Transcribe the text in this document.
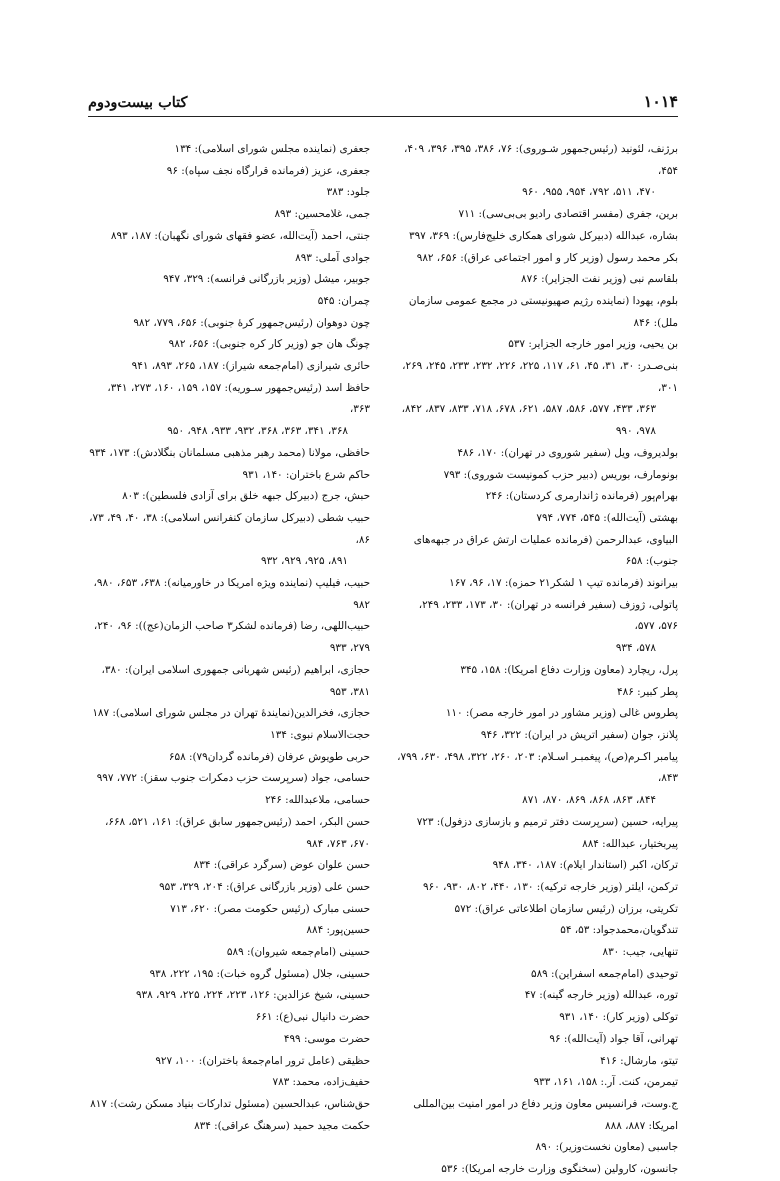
کتاب بیست‌ودوم	۱۰۱۴
برژنف، لئونید (رئیس‌جمهور شـوروی): ۷۶، ۳۸۶، ۳۹۵، ۳۹۶، ۴۰۹، ۴۵۴،
۴۷۰، ۵۱۱، ۷۹۲، ۹۵۴، ۹۵۵، ۹۶۰
برین، جفری (مفسر اقتصادی رادیو بی‌بی‌سی): ۷۱۱
بشاره، عبدالله (دبیرکل شورای همکاری خلیج‌فارس): ۳۶۹، ۳۹۷
بکر محمد رسول (وزیر کار و امور اجتماعی عراق): ۶۵۶، ۹۸۲
بلقاسم نبی (وزیر نفت الجزایر): ۸۷۶
بلوم، یهودا (نماینده رژیم صهیونیستی در مجمع عمومی سازمان ملل): ۸۴۶
بن یحیی، وزیر امور خارجه الجزایر: ۵۳۷
بنی‌صـدر: ۳۰، ۳۱، ۴۵، ۶۱، ۱۱۷، ۲۲۵، ۲۲۶، ۲۳۲، ۲۳۳، ۲۴۵، ۲۶۹، ۳۰۱،
۳۶۳، ۴۳۳، ۵۷۷، ۵۸۶، ۵۸۷، ۶۲۱، ۶۷۸، ۷۱۸، ۸۳۳، ۸۳۷، ۸۴۲، ۹۷۸، ۹۹۰
بولدیروف، ویل (سفیر شوروی در تهران): ۱۷۰، ۴۸۶
بونومارف، بوریس (دبیر حزب کمونیست شوروی): ۷۹۳
بهرام‌پور (فرمانده ژاندارمری کردستان): ۲۴۶
بهشتی (آیت‌الله): ۵۴۵، ۷۷۴، ۷۹۴
البیاوی، عبدالرحمن (فرمانده عملیات ارتش عراق در جبهه‌های جنوب): ۶۵۸
بیرانوند (فرمانده تیپ ۱ لشکر۲۱ حمزه): ۱۷، ۹۶، ۱۶۷
پاتولی، ژوزف (سفیر فرانسه در تهران): ۳۰، ۱۷۳، ۲۳۳، ۲۴۹، ۵۷۶، ۵۷۷،
۵۷۸، ۹۳۴
پرل، ریچارد (معاون وزارت دفاع امریکا): ۱۵۸، ۳۴۵
پطر کبیر: ۴۸۶
پطروس غالی (وزیر مشاور در امور خارجه مصر): ۱۱۰
پلانز، جوان (سفیر اتریش در ایران): ۳۲۲، ۹۴۶
پیامبر اکـرم(ص)، پیغمبـر اسـلام: ۲۰۳، ۲۶۰، ۳۲۲، ۴۹۸، ۶۳۰، ۷۹۹، ۸۴۳،
۸۴۴، ۸۶۳، ۸۶۸، ۸۶۹، ۸۷۰، ۸۷۱
پیرایه، حسین (سرپرست دفتر ترمیم و بازسازی دزفول): ۷۲۳
پیربختیار، عبدالله: ۸۸۴
ترکان، اکبر (استاندار ایلام): ۱۸۷، ۳۴۰، ۹۴۸
ترکمن، ایلتر (وزیر خارجه ترکیه): ۱۳۰، ۴۴۰، ۸۰۲، ۹۳۰، ۹۶۰
تکریتی، برزان (رئیس سازمان اطلاعاتی عراق): ۵۷۲
تندگویان،محمدجواد: ۵۳، ۵۴
تنهایی، جیب: ۸۳۰
توحیدی (امام‌جمعه اسفراین): ۵۸۹
توره، عبدالله (وزیر خارجه گینه): ۴۷
توکلی (وزیر کار): ۱۴۰، ۹۳۱
تهرانی، آقا جواد (آیت‌الله): ۹۶
تیتو، مارشال: ۴۱۶
تیمرمن، کنت. آر.: ۱۵۸، ۱۶۱، ۹۳۳
ج.وست، فرانسیس معاون وزیر دفاع در امور امنیت بین‌المللی امریکا: ۸۸۷، ۸۸۸
جاسبی (معاون نخست‌وزیر): ۸۹۰
جانسون، کارولین (سخنگوی وزارت خارجه امریکا): ۵۳۶
جعفری (نماینده مجلس شورای اسلامی): ۱۳۴
جعفری، عزیز (فرمانده قرارگاه نجف سپاه): ۹۶
جلود: ۳۸۳
جمی، غلامحسین: ۸۹۳
جنتی، احمد (آیت‌الله، عضو فقهای شورای نگهبان): ۱۸۷، ۸۹۳
جوادی آملی: ۸۹۳
جوبیر، میشل (وزیر بازرگانی فرانسه): ۳۲۹، ۹۴۷
چمران: ۵۴۵
چون دوهوان (رئیس‌جمهور کرهٔ جنوبی): ۶۵۶، ۷۷۹، ۹۸۲
چونگ هان جو (وزیر کار کره جنوبی): ۶۵۶، ۹۸۲
حائری شیرازی (امام‌جمعه شیراز): ۱۸۷، ۲۶۵، ۸۹۳، ۹۴۱
حافظ اسد (رئیس‌جمهور سـوریه): ۱۵۷، ۱۵۹، ۱۶۰، ۲۷۳، ۳۴۱، ۳۶۳،
۳۶۸، ۳۴۱، ۳۶۳، ۳۶۸، ۹۳۲، ۹۳۳، ۹۴۸، ۹۵۰
حافظی، مولانا (محمد رهبر مذهبی مسلمانان بنگلادش): ۱۷۳، ۹۳۴
حاکم شرع باختران: ۱۴۰، ۹۳۱
حبش، جرج (دبیرکل جبهه خلق برای آزادی فلسطین): ۸۰۳
حبیب شطی (دبیرکل سازمان کنفرانس اسلامی): ۳۸، ۴۰، ۴۹، ۷۳، ۸۶،
۸۹۱، ۹۲۵، ۹۲۹، ۹۳۲
حبیب، فیلیپ (نماینده ویژه امریکا در خاورمیانه): ۶۳۸، ۶۵۳، ۹۸۰، ۹۸۲
حبیب‌اللهی، رضا (فرمانده لشکر۳ صاحب الزمان(عج)): ۹۶، ۲۴۰، ۲۷۹، ۹۳۳
حجازی، ابراهیم (رئیس شهربانی جمهوری اسلامی ایران): ۳۸۰، ۳۸۱، ۹۵۳
حجازی، فخرالدین(نمایندهٔ تهران در مجلس شورای اسلامی): ۱۸۷
حجت‌الاسلام نبوی: ۱۳۴
حربی طویوش عرفان (فرمانده گردان۷۹): ۶۵۸
حسامی، جواد (سرپرست حزب دمکرات جنوب سقز): ۷۷۲، ۹۹۷
حسامی، ملاعبدالله: ۲۴۶
حسن البکر، احمد (رئیس‌جمهور سابق عراق): ۱۶۱، ۵۲۱، ۶۶۸، ۶۷۰، ۷۶۳، ۹۸۴
حسن علوان عوض (سرگرد عراقی): ۸۳۴
حسن علی (وزیر بازرگانی عراق): ۲۰۴، ۳۲۹، ۹۵۳
حسنی مبارک (رئیس حکومت مصر): ۶۲۰، ۷۱۳
حسین‌پور: ۸۸۴
حسینی (امام‌جمعه شیروان): ۵۸۹
حسینی، جلال (مسئول گروه خبات): ۱۹۵، ۲۲۲، ۹۳۸
حسینی، شیخ عزالدین: ۱۲۶، ۲۲۳، ۲۲۴، ۲۲۵، ۹۲۹، ۹۳۸
حضرت دانیال نبی(ع): ۶۶۱
حضرت موسی: ۴۹۹
حظیقی (عامل ترور امام‌جمعهٔ باختران): ۱۰۰، ۹۲۷
حفیف‌زاده، محمد: ۷۸۳
حق‌شناس، عبدالحسین (مسئول تدارکات بنیاد مسکن رشت): ۸۱۷
حکمت مجید حمید (سرهنگ عراقی): ۸۳۴
